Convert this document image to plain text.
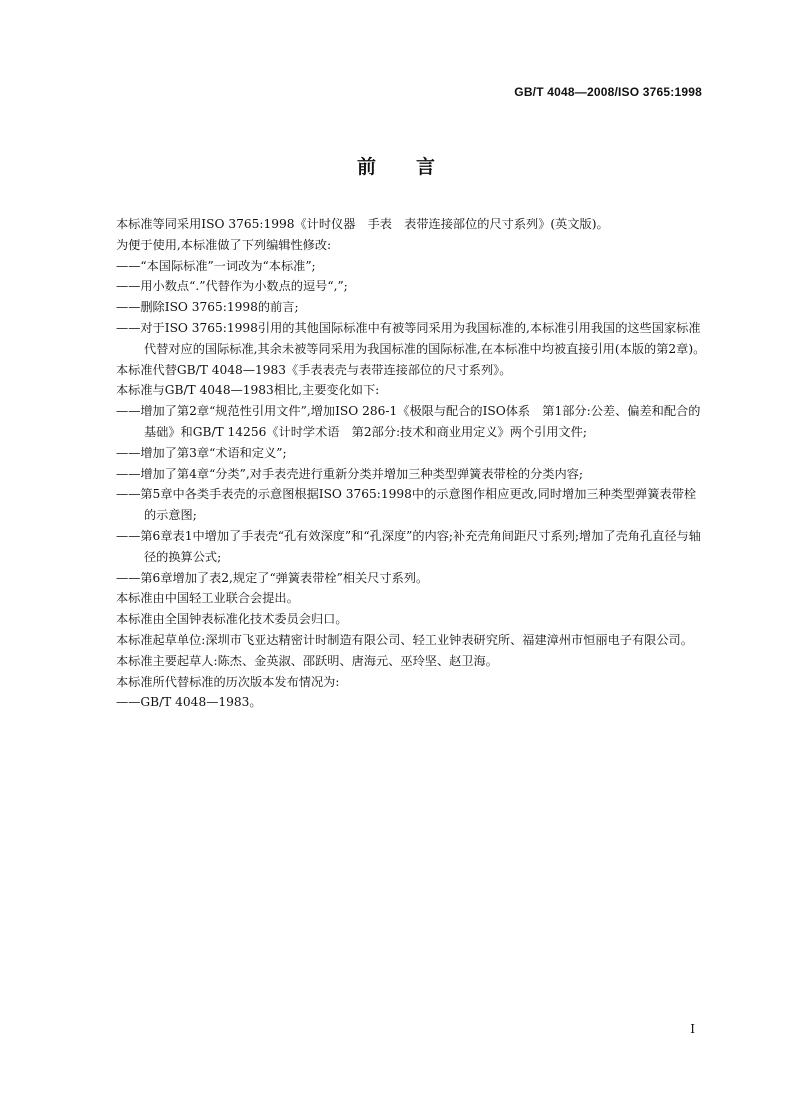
GB/T 4048—2008/ISO 3765:1998
前言

本标准等同采用ISO 3765:1998《计时仪器　手表　表带连接部位的尺寸系列》(英文版)。

为便于使用,本标准做了下列编辑性修改:

——“本国际标准”一词改为“本标准”;

——用小数点“.”代替作为小数点的逗号“,”;

——删除ISO 3765:1998的前言;

——对于ISO 3765:1998引用的其他国际标准中有被等同采用为我国标准的,本标准引用我国的这些国家标准代替对应的国际标准,其余未被等同采用为我国标准的国际标准,在本标准中均被直接引用(本版的第2章)。

本标准代替GB/T 4048—1983《手表表壳与表带连接部位的尺寸系列》。

本标准与GB/T 4048—1983相比,主要变化如下:

——增加了第2章“规范性引用文件”,增加ISO 286-1《极限与配合的ISO体系　第1部分:公差、偏差和配合的基础》和GB/T 14256《计时学术语　第2部分:技术和商业用定义》两个引用文件;

——增加了第3章“术语和定义”;

——增加了第4章“分类”,对手表壳进行重新分类并增加三种类型弹簧表带栓的分类内容;

——第5章中各类手表壳的示意图根据ISO 3765:1998中的示意图作相应更改,同时增加三种类型弹簧表带栓的示意图;

——第6章表1中增加了手表壳“孔有效深度”和“孔深度”的内容;补充壳角间距尺寸系列;增加了壳角孔直径与轴径的换算公式;

——第6章增加了表2,规定了“弹簧表带栓”相关尺寸系列。

本标准由中国轻工业联合会提出。

本标准由全国钟表标准化技术委员会归口。

本标准起草单位:深圳市飞亚达精密计时制造有限公司、轻工业钟表研究所、福建漳州市恒丽电子有限公司。

本标准主要起草人:陈杰、金英淑、邵跃明、唐海元、巫玲坚、赵卫海。

本标准所代替标准的历次版本发布情况为:

——GB/T 4048—1983。

I
